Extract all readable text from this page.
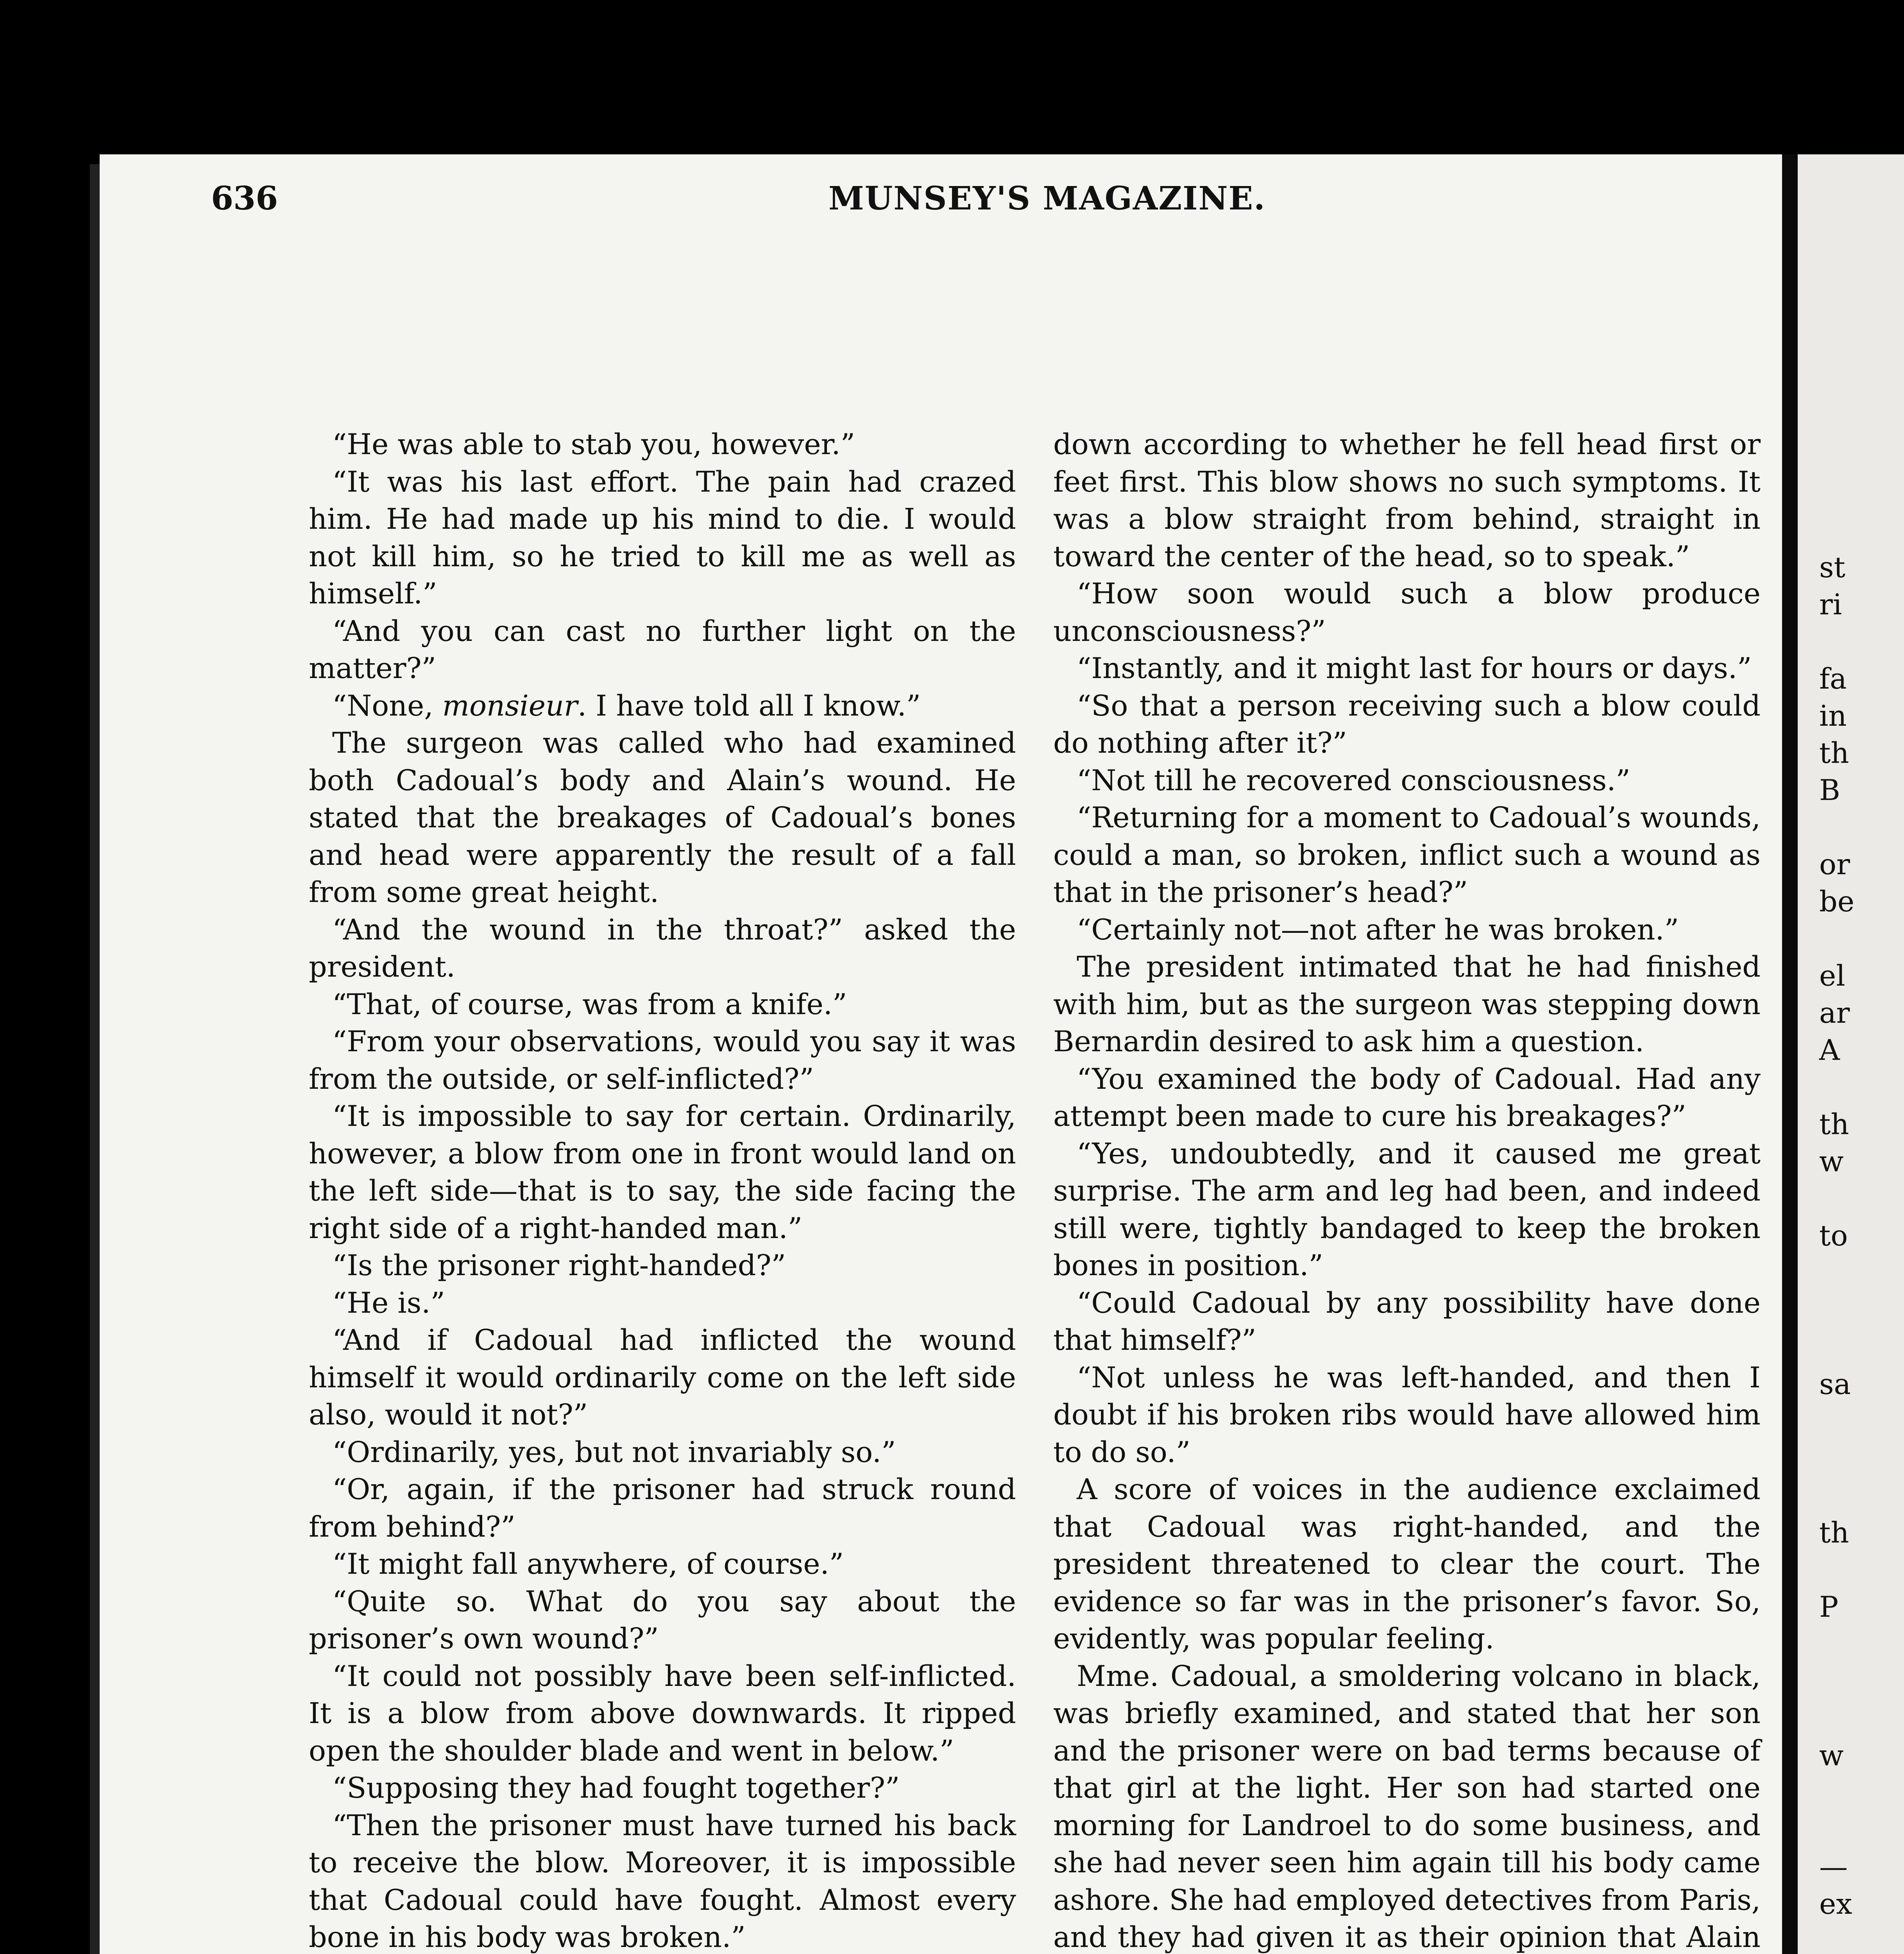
st
ri
fa
in
th
B
or
be
el
ar
A
th
w
to
sa
th
P
w
—
ex
636	MUNSEY'S MAGAZINE.

“He was able to stab you, however.”

“It was his last effort. The pain had crazed him. He had made up his mind to die. I would not kill him, so he tried to kill me as well as himself.”

“And you can cast no further light on the matter?”

“None, monsieur. I have told all I know.”

The surgeon was called who had examined both Cadoual’s body and Alain’s wound. He stated that the breakages of Cadoual’s bones and head were apparently the result of a fall from some great height.

“And the wound in the throat?” asked the president.

“That, of course, was from a knife.”

“From your observations, would you say it was from the outside, or self-inflicted?”

“It is impossible to say for certain. Ordinarily, however, a blow from one in front would land on the left side—that is to say, the side facing the right side of a right-handed man.”

“Is the prisoner right-handed?”

“He is.”

“And if Cadoual had inflicted the wound himself it would ordinarily come on the left side also, would it not?”

“Ordinarily, yes, but not invariably so.”

“Or, again, if the prisoner had struck round from behind?”

“It might fall anywhere, of course.”

“Quite so. What do you say about the prisoner’s own wound?”

“It could not possibly have been self-inflicted. It is a blow from above downwards. It ripped open the shoulder blade and went in below.”

“Supposing they had fought together?”

“Then the prisoner must have turned his back to receive the blow. Moreover, it is impossible that Cadoual could have fought. Almost every bone in his body was broken.”

down according to whether he fell head first or feet first. This blow shows no such symptoms. It was a blow straight from behind, straight in toward the center of the head, so to speak.”

“How soon would such a blow produce unconsciousness?”

“Instantly, and it might last for hours or days.”

“So that a person receiving such a blow could do nothing after it?”

“Not till he recovered consciousness.”

“Returning for a moment to Cadoual’s wounds, could a man, so broken, inflict such a wound as that in the prisoner’s head?”

“Certainly not—not after he was broken.”

The president intimated that he had finished with him, but as the surgeon was stepping down Bernardin desired to ask him a question.

“You examined the body of Cadoual. Had any attempt been made to cure his breakages?”

“Yes, undoubtedly, and it caused me great surprise. The arm and leg had been, and indeed still were, tightly bandaged to keep the broken bones in position.”

“Could Cadoual by any possibility have done that himself?”

“Not unless he was left-handed, and then I doubt if his broken ribs would have allowed him to do so.”

A score of voices in the audience exclaimed that Cadoual was right-handed, and the president threatened to clear the court. The evidence so far was in the prisoner’s favor. So, evidently, was popular feeling.

Mme. Cadoual, a smoldering volcano in black, was briefly examined, and stated that her son and the prisoner were on bad terms because of that girl at the light. Her son had started one morning for Landroel to do some business, and she had never seen him again till his body came ashore. She had employed detectives from Paris, and they had given it as their opinion that Alain
